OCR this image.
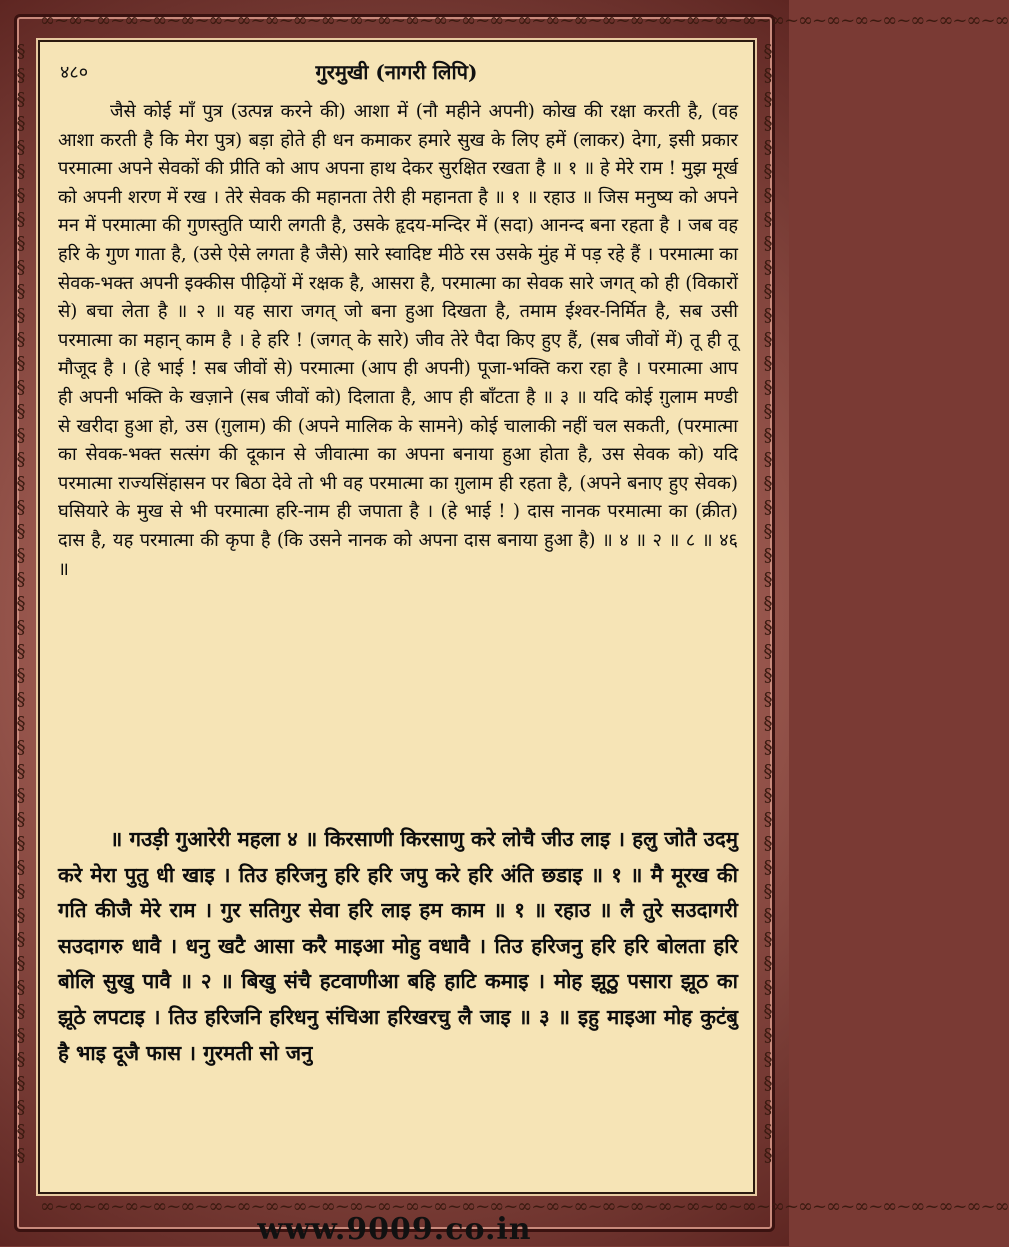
∞~∞~∞~∞~∞~∞~∞~∞~∞~∞~∞~∞~∞~∞~∞~∞~∞~∞~∞~∞~∞~∞~∞~∞~∞~∞~∞~∞~∞~∞~∞~∞~∞~∞~∞
§
§
§
§
§
§
§
§
§
§
§
§
§
§
§
§
§
§
§
§
§
§
§
§
§
§
§
§
§
§
§
§
§
§
§
§
§
§
§
§
§
§
§
§
§
§
§
§
§
§
§
§
§
§
§
§
§
§
§
§
§
§
§
§
§
§
§
§
§
§
§
§
§
§
§
§
§
§
§
§
§
§
§
§
§
§
§
§
§
§
§
§
§
§
∞~∞~∞~∞~∞~∞~∞~∞~∞~∞~∞~∞~∞~∞~∞~∞~∞~∞~∞~∞~∞~∞~∞~∞~∞~∞~∞~∞~∞~∞~∞~∞~∞~∞~∞
४८०	गुरमुखी (नागरी लिपि)

जैसे कोई माँ पुत्र (उत्पन्न करने की) आशा में (नौ महीने अपनी) कोख की रक्षा करती है, (वह आशा करती है कि मेरा पुत्र) बड़ा होते ही धन कमाकर हमारे सुख के लिए हमें (लाकर) देगा, इसी प्रकार परमात्मा अपने सेवकों की प्रीति को आप अपना हाथ देकर सुरक्षित रखता है ॥ १ ॥ हे मेरे राम ! मुझ मूर्ख को अपनी शरण में रख । तेरे सेवक की महानता तेरी ही महानता है ॥ १ ॥ रहाउ ॥ जिस मनुष्य को अपने मन में परमात्मा की गुणस्तुति प्यारी लगती है, उसके हृदय-मन्दिर में (सदा) आनन्द बना रहता है । जब वह हरि के गुण गाता है, (उसे ऐसे लगता है जैसे) सारे स्वादिष्ट मीठे रस उसके मुंह में पड़ रहे हैं । परमात्मा का सेवक-भक्त अपनी इक्कीस पीढ़ियों में रक्षक है, आसरा है, परमात्मा का सेवक सारे जगत् को ही (विकारों से) बचा लेता है ॥ २ ॥ यह सारा जगत् जो बना हुआ दिखता है, तमाम ईश्वर-निर्मित है, सब उसी परमात्मा का महान् काम है । हे हरि ! (जगत् के सारे) जीव तेरे पैदा किए हुए हैं, (सब जीवों में) तू ही तू मौजूद है । (हे भाई ! सब जीवों से) परमात्मा (आप ही अपनी) पूजा-भक्ति करा रहा है । परमात्मा आप ही अपनी भक्ति के खज़ाने (सब जीवों को) दिलाता है, आप ही बाँटता है ॥ ३ ॥ यदि कोई ग़ुलाम मण्डी से खरीदा हुआ हो, उस (ग़ुलाम) की (अपने मालिक के सामने) कोई चालाकी नहीं चल सकती, (परमात्मा का सेवक-भक्त सत्संग की दूकान से जीवात्मा का अपना बनाया हुआ होता है, उस सेवक को) यदि परमात्मा राज्यसिंहासन पर बिठा देवे तो भी वह परमात्मा का ग़ुलाम ही रहता है, (अपने बनाए हुए सेवक) घसियारे के मुख से भी परमात्मा हरि-नाम ही जपाता है । (हे भाई ! ) दास नानक परमात्मा का (क्रीत) दास है, यह परमात्मा की कृपा है (कि उसने नानक को अपना दास बनाया हुआ है) ॥ ४ ॥ २ ॥ ८ ॥ ४६ ॥

॥ गउड़ी गुआरेरी महला ४ ॥ किरसाणी किरसाणु करे लोचै जीउ लाइ । हलु जोतै उदमु करे मेरा पुतु धी खाइ । तिउ हरिजनु हरि हरि जपु करे हरि अंति छडाइ ॥ १ ॥ मै मूरख की गति कीजै मेरे राम । गुर सतिगुर सेवा हरि लाइ हम काम ॥ १ ॥ रहाउ ॥ लै तुरे सउदागरी सउदागरु धावै । धनु खटै आसा करै माइआ मोहु वधावै । तिउ हरिजनु हरि हरि बोलता हरि बोलि सुखु पावै ॥ २ ॥ बिखु संचै हटवाणीआ बहि हाटि कमाइ । मोह झूठु पसारा झूठ का झूठे लपटाइ । तिउ हरिजनि हरिधनु संचिआ हरिखरचु लै जाइ ॥ ३ ॥ इहु माइआ मोह कुटंबु है भाइ दूजै फास । गुरमती सो जनु

www.9009.co.in
